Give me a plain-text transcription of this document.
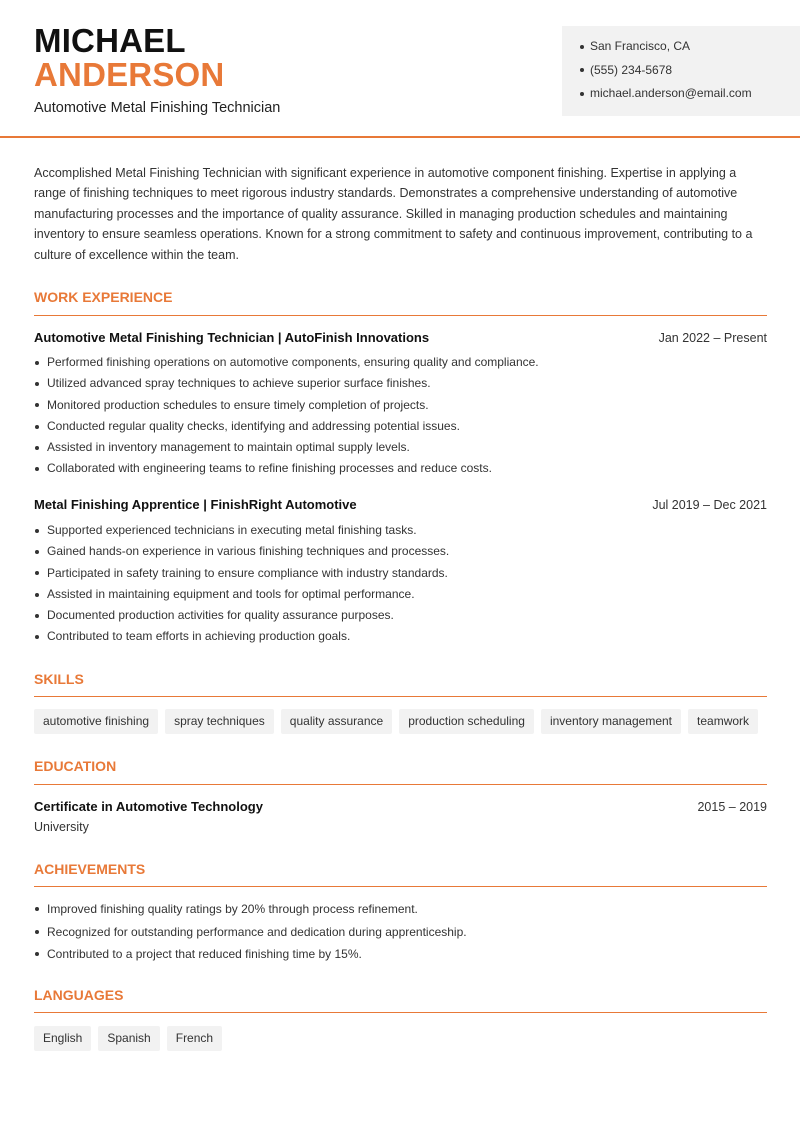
MICHAEL
ANDERSON
Automotive Metal Finishing Technician
San Francisco, CA
(555) 234-5678
michael.anderson@email.com

Accomplished Metal Finishing Technician with significant experience in automotive component finishing. Expertise in applying a range of finishing techniques to meet rigorous industry standards. Demonstrates a comprehensive understanding of automotive manufacturing processes and the importance of quality assurance. Skilled in managing production schedules and maintaining inventory to ensure seamless operations. Known for a strong commitment to safety and continuous improvement, contributing to a culture of excellence within the team.

WORK EXPERIENCE
Automotive Metal Finishing Technician | AutoFinish Innovations	Jan 2022 – Present
Performed finishing operations on automotive components, ensuring quality and compliance.
Utilized advanced spray techniques to achieve superior surface finishes.
Monitored production schedules to ensure timely completion of projects.
Conducted regular quality checks, identifying and addressing potential issues.
Assisted in inventory management to maintain optimal supply levels.
Collaborated with engineering teams to refine finishing processes and reduce costs.
Metal Finishing Apprentice | FinishRight Automotive	Jul 2019 – Dec 2021
Supported experienced technicians in executing metal finishing tasks.
Gained hands-on experience in various finishing techniques and processes.
Participated in safety training to ensure compliance with industry standards.
Assisted in maintaining equipment and tools for optimal performance.
Documented production activities for quality assurance purposes.
Contributed to team efforts in achieving production goals.
SKILLS
automotive finishing	spray techniques	quality assurance	production scheduling	inventory management	teamwork
EDUCATION
Certificate in Automotive Technology	2015 – 2019
University
ACHIEVEMENTS
Improved finishing quality ratings by 20% through process refinement.
Recognized for outstanding performance and dedication during apprenticeship.
Contributed to a project that reduced finishing time by 15%.
LANGUAGES
English	Spanish	French
